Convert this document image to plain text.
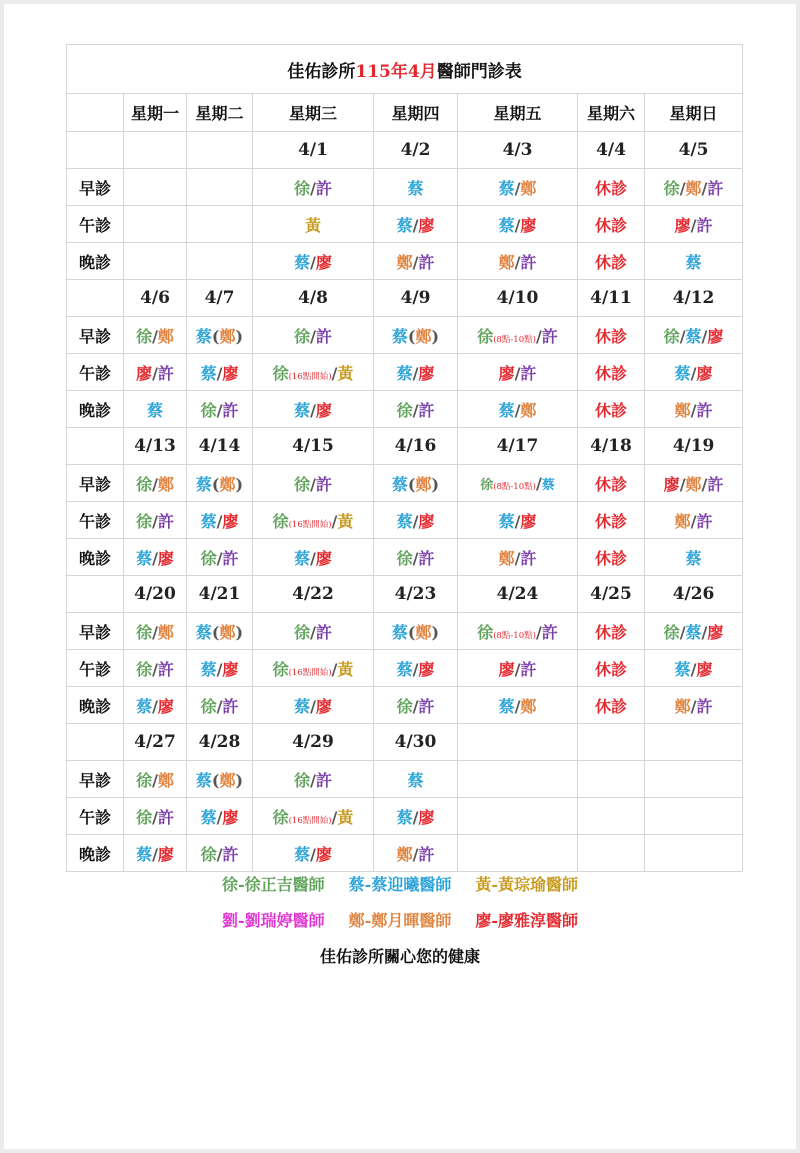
佳佑診所115年4月醫師門診表							
	星期一	星期二	星期三	星期四	星期五	星期六	星期日
			4/1	4/2	4/3	4/4	4/5
早診			徐/許	蔡	蔡/鄭	休診	徐/鄭/許
午診			黃	蔡/廖	蔡/廖	休診	廖/許
晚診			蔡/廖	鄭/許	鄭/許	休診	蔡
	4/6	4/7	4/8	4/9	4/10	4/11	4/12
早診	徐/鄭	蔡(鄭)	徐/許	蔡(鄭)	徐(8點-10點)/許	休診	徐/蔡/廖
午診	廖/許	蔡/廖	徐(16點開始)/黃	蔡/廖	廖/許	休診	蔡/廖
晚診	蔡	徐/許	蔡/廖	徐/許	蔡/鄭	休診	鄭/許
	4/13	4/14	4/15	4/16	4/17	4/18	4/19
早診	徐/鄭	蔡(鄭)	徐/許	蔡(鄭)	徐(8點-10點)/蔡	休診	廖/鄭/許
午診	徐/許	蔡/廖	徐(16點開始)/黃	蔡/廖	蔡/廖	休診	鄭/許
晚診	蔡/廖	徐/許	蔡/廖	徐/許	鄭/許	休診	蔡
	4/20	4/21	4/22	4/23	4/24	4/25	4/26
早診	徐/鄭	蔡(鄭)	徐/許	蔡(鄭)	徐(8點-10點)/許	休診	徐/蔡/廖
午診	徐/許	蔡/廖	徐(16點開始)/黃	蔡/廖	廖/許	休診	蔡/廖
晚診	蔡/廖	徐/許	蔡/廖	徐/許	蔡/鄭	休診	鄭/許
	4/27	4/28	4/29	4/30			
早診	徐/鄭	蔡(鄭)	徐/許	蔡			
午診	徐/許	蔡/廖	徐(16點開始)/黃	蔡/廖			
晚診	蔡/廖	徐/許	蔡/廖	鄭/許			
徐-徐正吉醫師 蔡-蔡迎曦醫師 黃-黃琮瑜醫師
劉-劉瑞婷醫師 鄭-鄭月暉醫師 廖-廖雅淳醫師
佳佑診所關心您的健康
